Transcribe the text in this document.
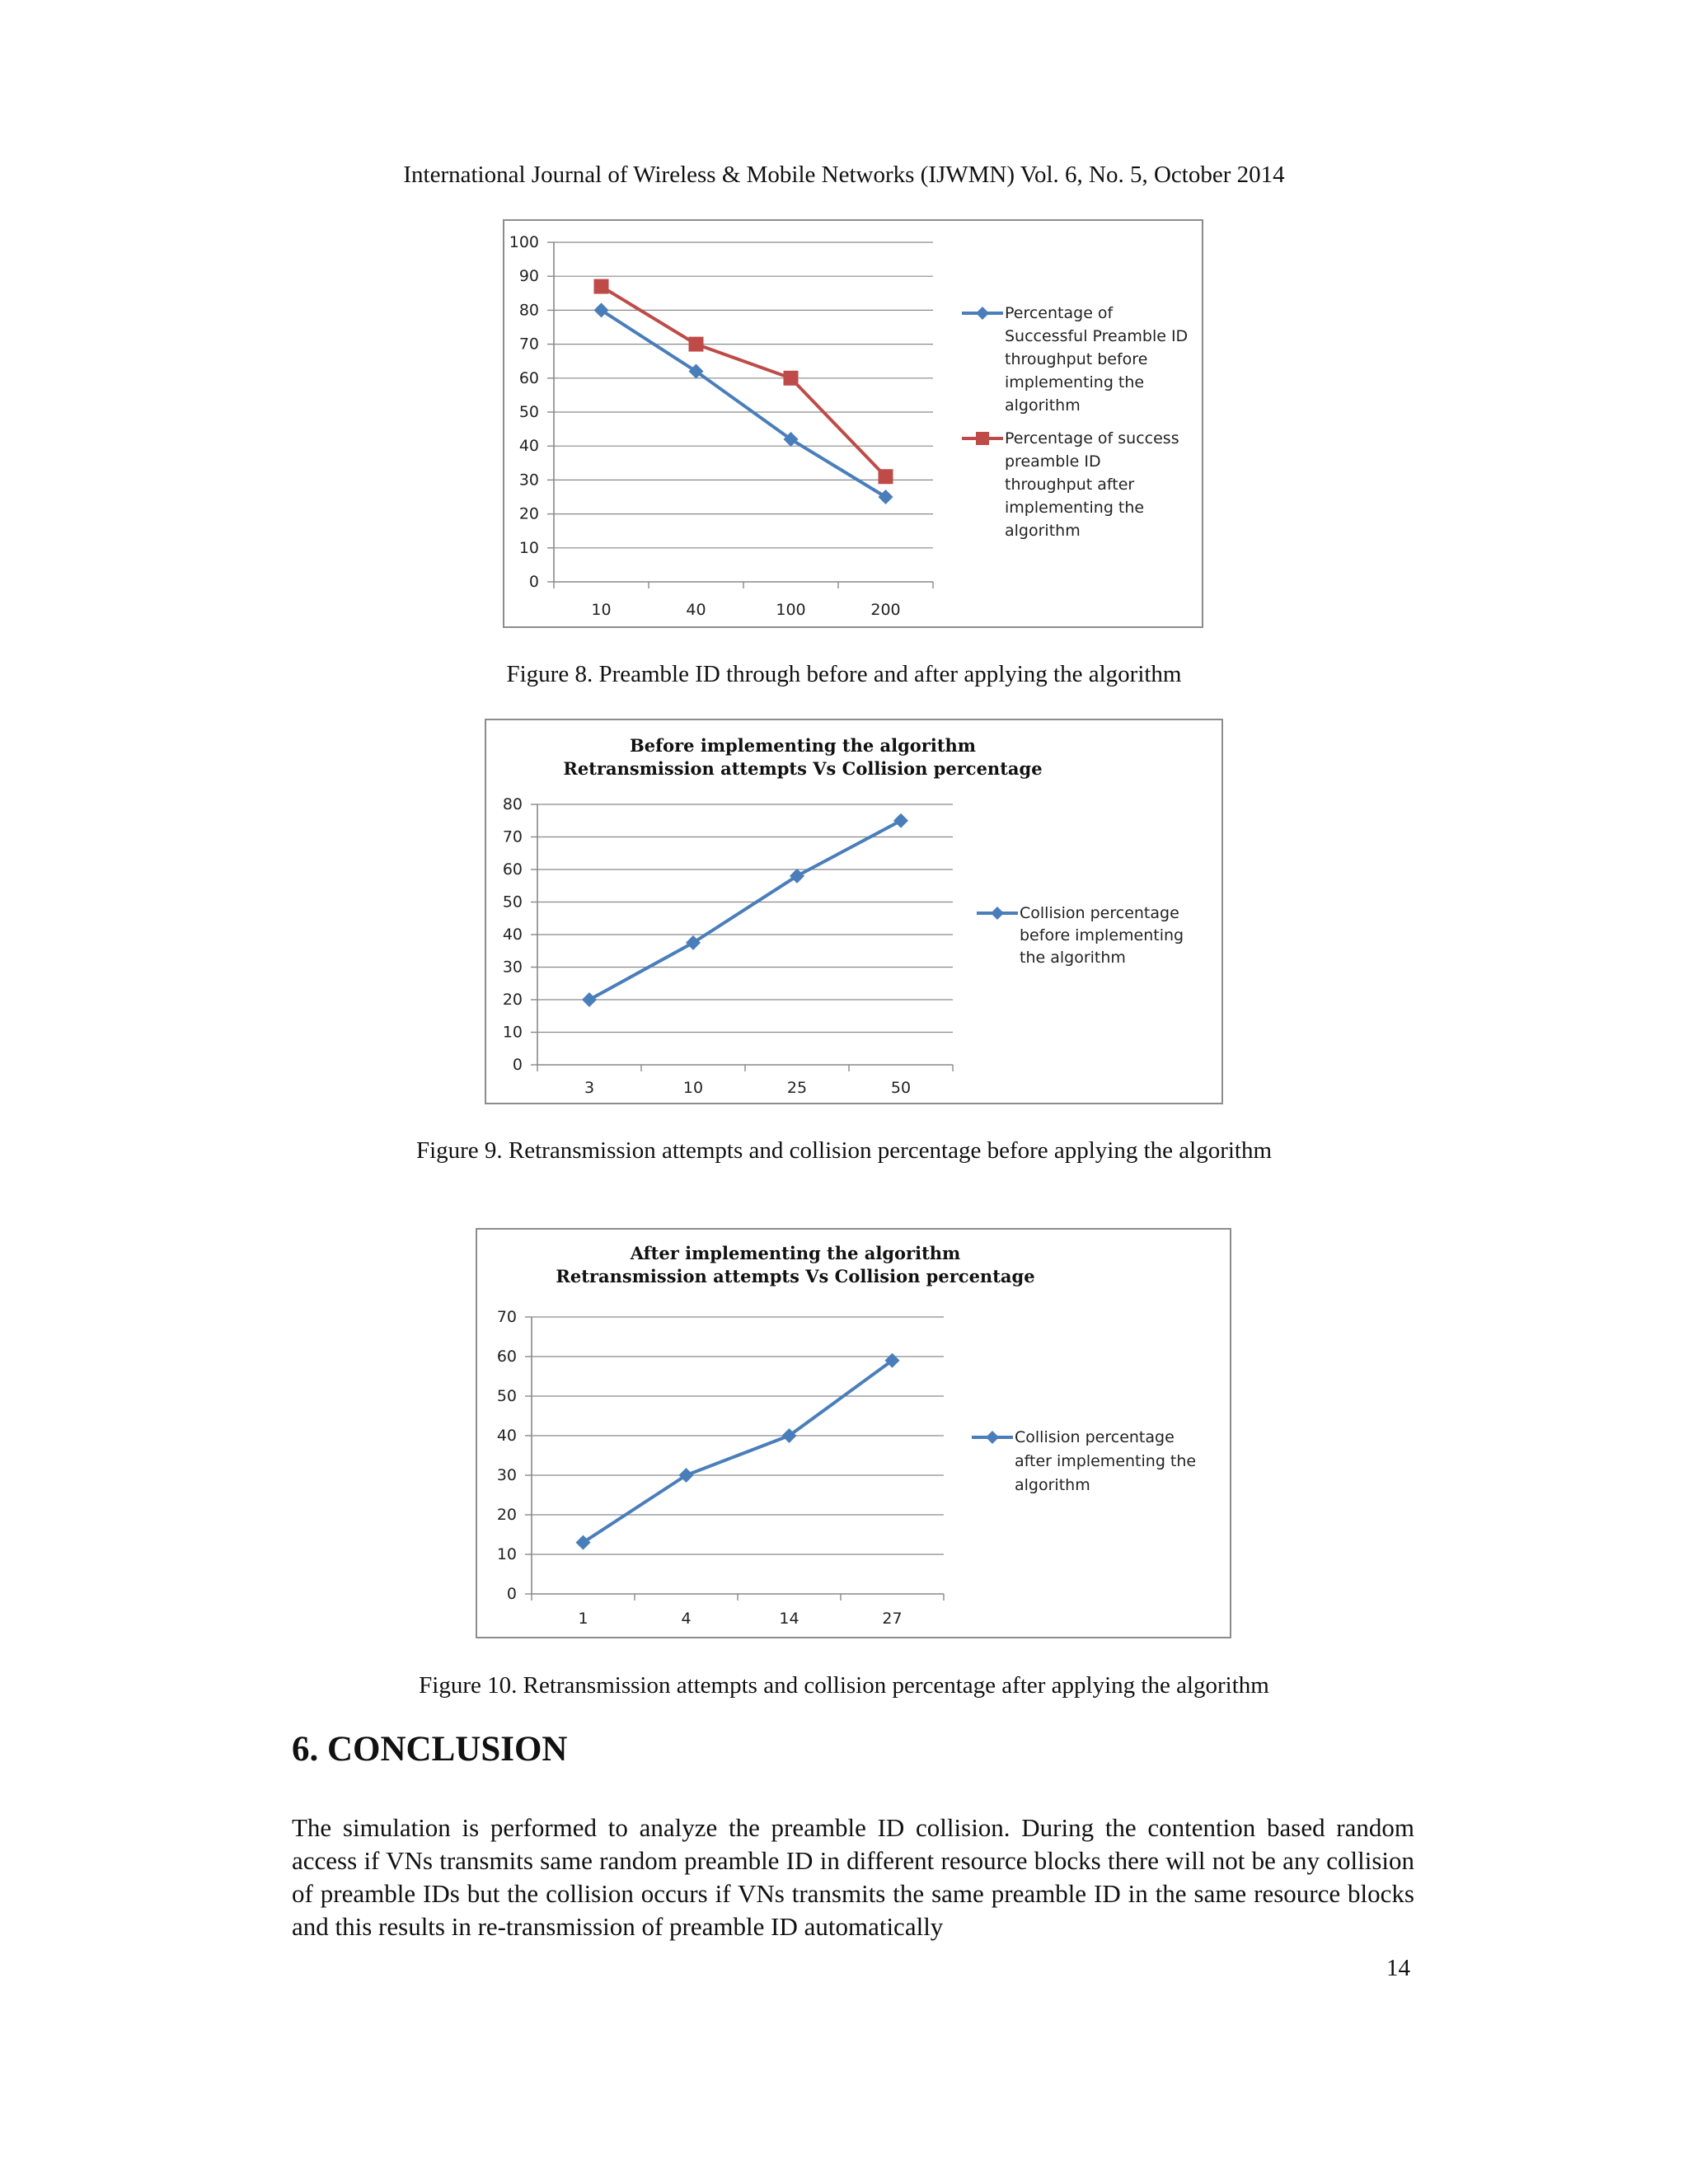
International Journal of Wireless & Mobile Networks (IJWMN) Vol. 6, No. 5, October 2014
0
10
20
30
40
50
60
70
80
90
100
10	40	100	200
Percentage of
Successful Preamble ID
throughput before
implementing the
algorithm
Percentage of success
preamble ID
throughput after
implementing the
algorithm
Figure 8. Preamble ID through before and after applying the algorithm
Before implementing the algorithm
Retransmission attempts Vs Collision percentage
0
10
20
30
40
50
60
70
80
3	10	25	50
Collision percentage
before implementing
the algorithm
Figure 9. Retransmission attempts and collision percentage before applying the algorithm
After implementing the algorithm
Retransmission attempts Vs Collision percentage
0
10
20
30
40
50
60
70
1	4	14	27
Collision percentage
after implementing the
algorithm
Figure 10. Retransmission attempts and collision percentage after applying the algorithm
6. CONCLUSION

The simulation is performed to analyze the preamble ID collision. During the contention based random access if VNs transmits same random preamble ID in different resource blocks there will not be any collision of preamble IDs but the collision occurs if VNs transmits the same preamble ID in the same resource blocks and this results in re-transmission of preamble ID automatically

14
